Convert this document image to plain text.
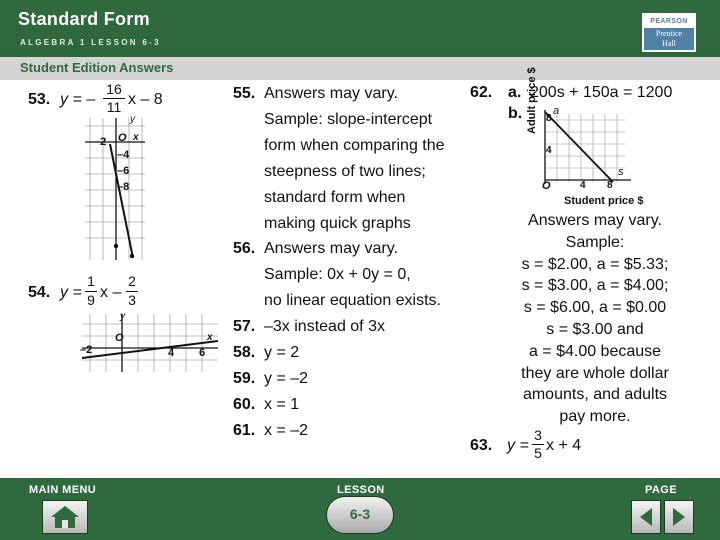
Standard Form
ALGEBRA 1 LESSON 6-3
PEARSON
Prentice
Hall
Student Edition Answers
53. y = –
16
11 x – 8
y
x
–2 O
–4
–6
–8
54. y =
1
9 x –
2
3
y
x
O
–2	4 6
55. Answers may vary.
Sample: slope-intercept
form when comparing the
steepness of two lines;
standard form when
making quick graphs
56. Answers may vary.
Sample: 0x + 0y = 0,
no linear equation exists.
57. –3x instead of 3x
58. y = 2
59. y = –2
60. x = 1
61. x = –2
62. a. 200s + 150a = 1200
b. Adult price $ a
8
4
s
O	4 8
Student price $
Answers may vary.
Sample:
s = $2.00, a = $5.33;
s = $3.00, a = $4.00;
s = $6.00, a = $0.00
s = $3.00 and
a = $4.00 because
they are whole dollar
amounts, and adults
pay more.
63. y =
3
5 x + 4
MAIN MENU	LESSON	PAGE
6-3
